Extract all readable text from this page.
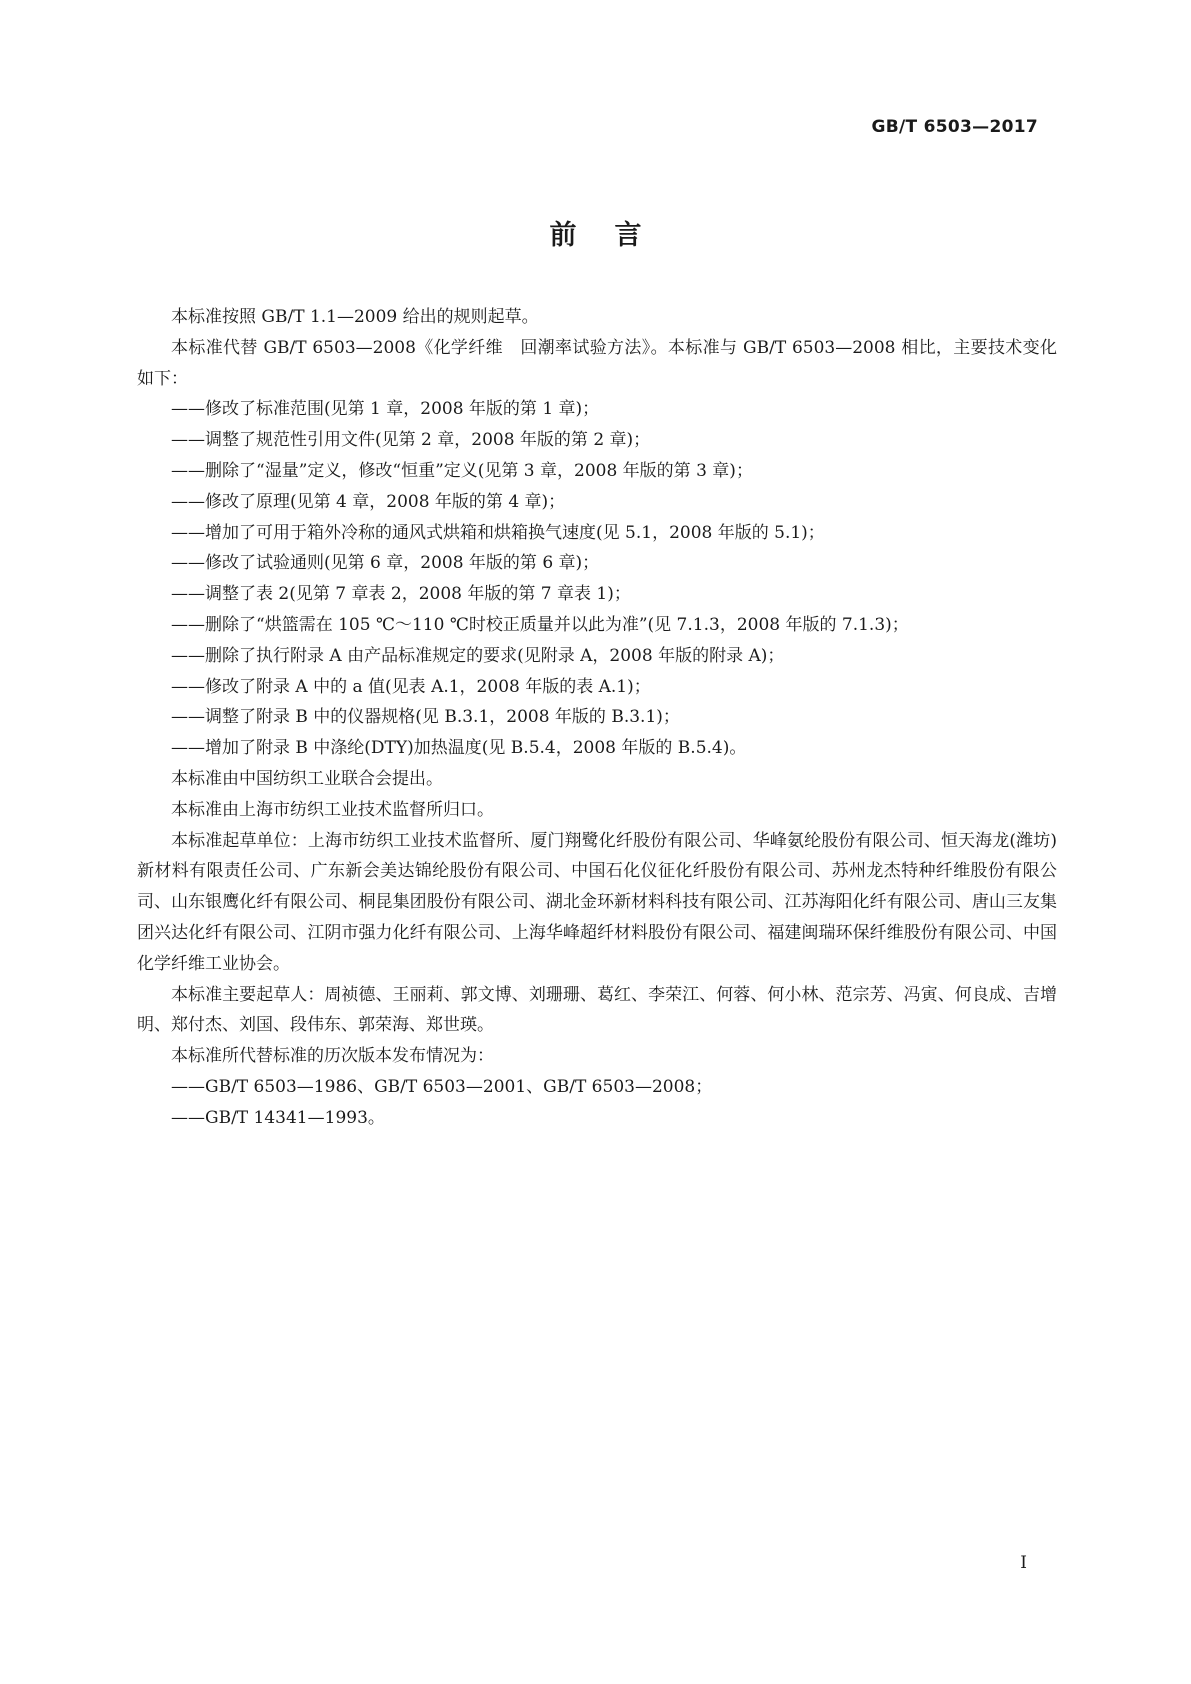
GB/T 6503—2017
前言

本标准按照 GB/T 1.1—2009 给出的规则起草。

本标准代替 GB/T 6503—2008《化学纤维　回潮率试验方法》。本标准与 GB/T 6503—2008 相比，主要技术变化如下：

——修改了标准范围(见第 1 章，2008 年版的第 1 章)；

——调整了规范性引用文件(见第 2 章，2008 年版的第 2 章)；

——删除了“湿量”定义，修改“恒重”定义(见第 3 章，2008 年版的第 3 章)；

——修改了原理(见第 4 章，2008 年版的第 4 章)；

——增加了可用于箱外冷称的通风式烘箱和烘箱换气速度(见 5.1，2008 年版的 5.1)；

——修改了试验通则(见第 6 章，2008 年版的第 6 章)；

——调整了表 2(见第 7 章表 2，2008 年版的第 7 章表 1)；

——删除了“烘篮需在 105 ℃～110 ℃时校正质量并以此为准”(见 7.1.3，2008 年版的 7.1.3)；

——删除了执行附录 A 由产品标准规定的要求(见附录 A，2008 年版的附录 A)；

——修改了附录 A 中的 a 值(见表 A.1，2008 年版的表 A.1)；

——调整了附录 B 中的仪器规格(见 B.3.1，2008 年版的 B.3.1)；

——增加了附录 B 中涤纶(DTY)加热温度(见 B.5.4，2008 年版的 B.5.4)。

本标准由中国纺织工业联合会提出。

本标准由上海市纺织工业技术监督所归口。

本标准起草单位：上海市纺织工业技术监督所、厦门翔鹭化纤股份有限公司、华峰氨纶股份有限公司、恒天海龙(潍坊)新材料有限责任公司、广东新会美达锦纶股份有限公司、中国石化仪征化纤股份有限公司、苏州龙杰特种纤维股份有限公司、山东银鹰化纤有限公司、桐昆集团股份有限公司、湖北金环新材料科技有限公司、江苏海阳化纤有限公司、唐山三友集团兴达化纤有限公司、江阴市强力化纤有限公司、上海华峰超纤材料股份有限公司、福建闽瑞环保纤维股份有限公司、中国化学纤维工业协会。

本标准主要起草人：周祯德、王丽莉、郭文博、刘珊珊、葛红、李荣江、何蓉、何小林、范宗芳、冯寅、何良成、吉增明、郑付杰、刘国、段伟东、郭荣海、郑世瑛。

本标准所代替标准的历次版本发布情况为：

——GB/T 6503—1986、GB/T 6503—2001、GB/T 6503—2008；

——GB/T 14341—1993。

I
